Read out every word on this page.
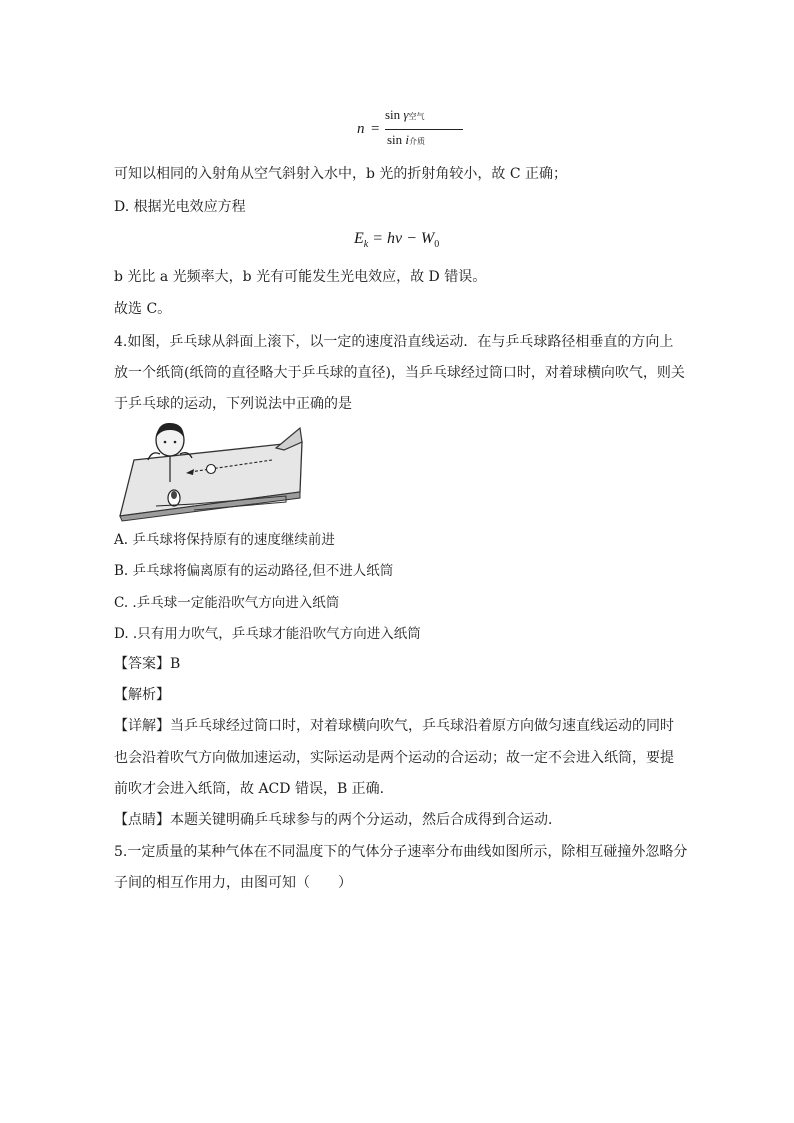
n =
sin γ空气
sin i介质
可知以相同的入射角从空气斜射入水中，b 光的折射角较小，故 C 正确；
D. 根据光电效应方程
$E_k = h\nu - W_0$
b 光比 a 光频率大，b 光有可能发生光电效应，故 D 错误。
故选 C。
4.如图，乒乓球从斜面上滚下，以一定的速度沿直线运动．在与乒乓球路径相垂直的方向上
放一个纸筒(纸筒的直径略大于乒乓球的直径)，当乒乓球经过筒口时，对着球横向吹气，则关
于乒乓球的运动，下列说法中正确的是
A. 乒乓球将保持原有的速度继续前进
B. 乒乓球将偏离原有的运动路径,但不进人纸筒
C. .乒乓球一定能沿吹气方向进入纸筒
D. .只有用力吹气，乒乓球才能沿吹气方向进入纸筒
【答案】B
【解析】
【详解】当乒乓球经过筒口时，对着球横向吹气，乒乓球沿着原方向做匀速直线运动的同时
也会沿着吹气方向做加速运动，实际运动是两个运动的合运动；故一定不会进入纸筒，要提
前吹才会进入纸筒，故 ACD 错误，B 正确.
【点睛】本题关键明确乒乓球参与的两个分运动，然后合成得到合运动．
5.一定质量的某种气体在不同温度下的气体分子速率分布曲线如图所示，除相互碰撞外忽略分
子间的相互作用力，由图可知（　　）
